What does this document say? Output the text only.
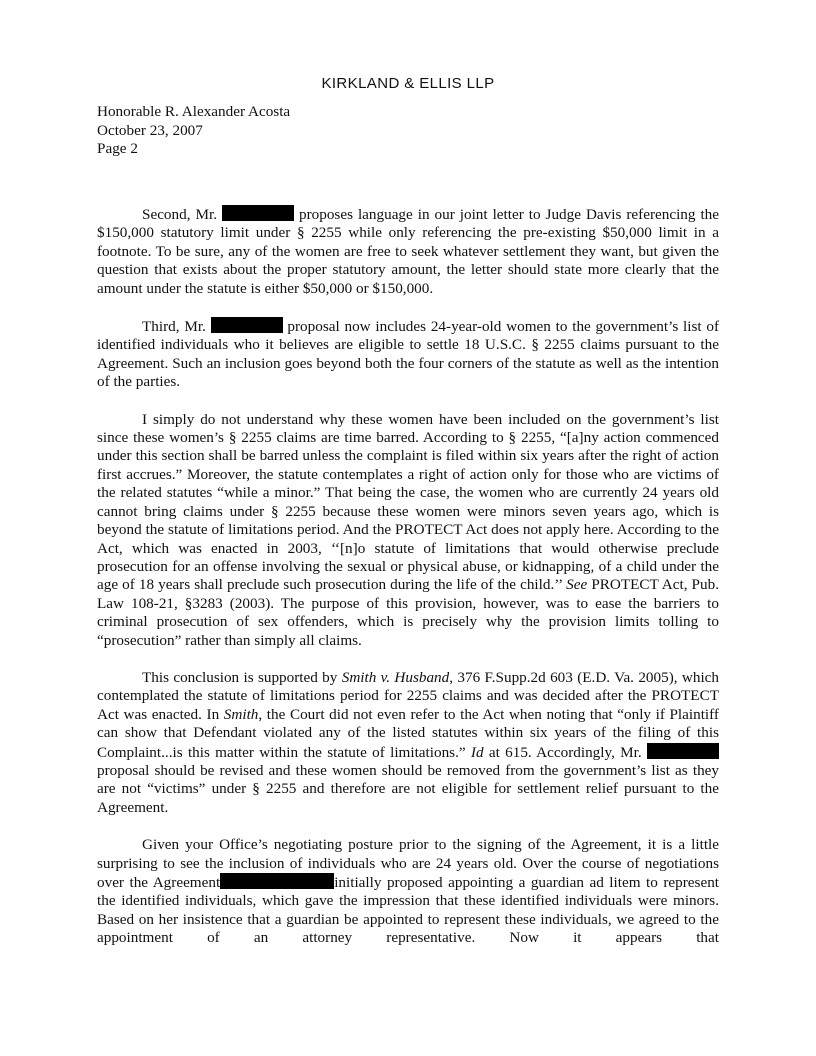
KIRKLAND & ELLIS LLP
Honorable R. Alexander Acosta
October 23, 2007
Page 2

Second, Mr.	proposes language in our joint letter to Judge Davis referencing the $150,000 statutory limit under § 2255 while only referencing the pre-existing $50,000 limit in a footnote. To be sure, any of the women are free to seek whatever settlement they want, but given the question that exists about the proper statutory amount, the letter should state more clearly that the amount under the statute is either $50,000 or $150,000.

Third, Mr.	proposal now includes 24-year-old women to the government’s list of identified individuals who it believes are eligible to settle 18 U.S.C. § 2255 claims pursuant to the Agreement. Such an inclusion goes beyond both the four corners of the statute as well as the intention of the parties.

I simply do not understand why these women have been included on the government’s list since these women’s § 2255 claims are time barred. According to § 2255, “[a]ny action commenced under this section shall be barred unless the complaint is filed within six years after the right of action first accrues.” Moreover, the statute contemplates a right of action only for those who are victims of the related statutes “while a minor.” That being the case, the women who are currently 24 years old cannot bring claims under § 2255 because these women were minors seven years ago, which is beyond the statute of limitations period. And the PROTECT Act does not apply here. According to the Act, which was enacted in 2003, ‘‘[n]o statute of limitations that would otherwise preclude prosecution for an offense involving the sexual or physical abuse, or kidnapping, of a child under the age of 18 years shall preclude such prosecution during the life of the child.’’ See PROTECT Act, Pub. Law 108-21, §3283 (2003). The purpose of this provision, however, was to ease the barriers to criminal prosecution of sex offenders, which is precisely why the provision limits tolling to “prosecution” rather than simply all claims.

This conclusion is supported by Smith v. Husband, 376 F.Supp.2d 603 (E.D. Va. 2005), which contemplated the statute of limitations period for 2255 claims and was decided after the PROTECT Act was enacted. In Smith, the Court did not even refer to the Act when noting that “only if Plaintiff can show that Defendant violated any of the listed statutes within six years of the filing of this Complaint...is this matter within the statute of limitations.” Id at 615. Accordingly, Mr.  proposal should be revised and these women should be removed from the government’s list as they are not “victims” under § 2255 and therefore are not eligible for settlement relief pursuant to the Agreement.

Given your Office’s negotiating posture prior to the signing of the Agreement, it is a little surprising to see the inclusion of individuals who are 24 years old. Over the course of negotiations over the Agreement	initially proposed appointing a guardian ad litem to represent the identified individuals, which gave the impression that these identified individuals were minors. Based on her insistence that a guardian be appointed to represent these individuals, we agreed to the appointment of an attorney representative. Now it appears that
